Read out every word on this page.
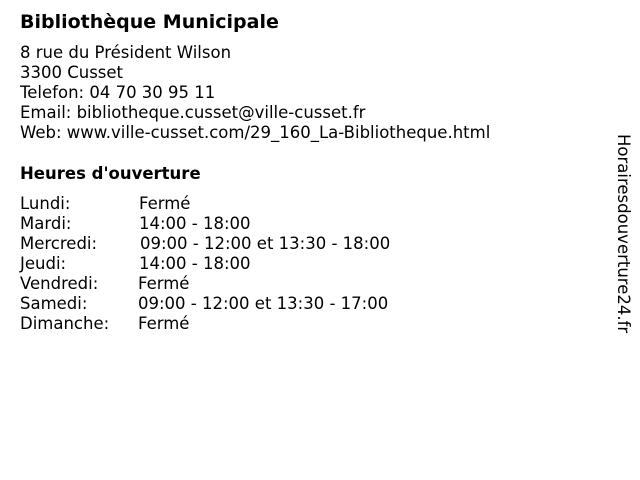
Bibliothèque Municipale
8 rue du Président Wilson
3300 Cusset
Telefon: 04 70 30 95 11
Email: bibliotheque.cusset@ville-cusset.fr
Web: www.ville-cusset.com/29_160_La-Bibliotheque.html
Heures d'ouverture
Lundi:	Fermé
Mardi:	14:00 - 18:00
Mercredi:	09:00 - 12:00 et 13:30 - 18:00
Jeudi:	14:00 - 18:00
Vendredi: Fermé
Samedi:	09:00 - 12:00 et 13:30 - 17:00
Dimanche: Fermé	Horairesdouverture24.fr
